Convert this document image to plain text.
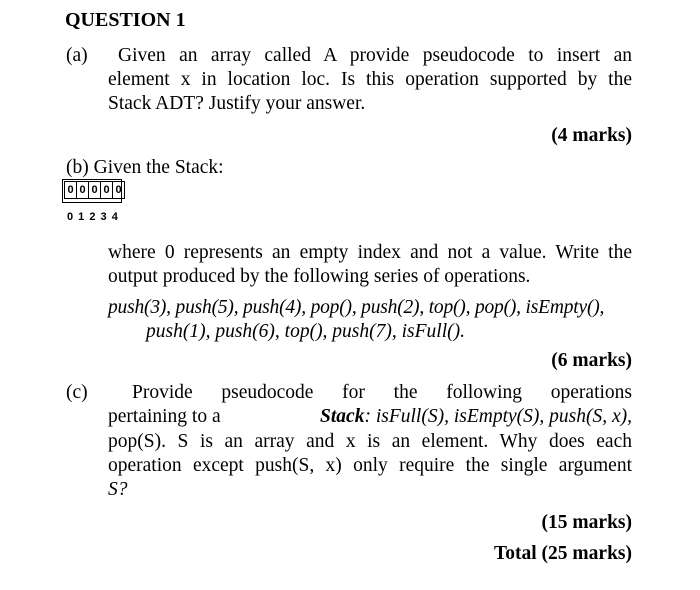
QUESTION 1
(a) Given an array called A provide pseudocode to insert an
element x in location loc. Is this operation supported by the
Stack ADT? Justify your answer.
(4 marks)
(b) Given the Stack:
0 0 0 0 0
0 1 2 3 4
where 0 represents an empty index and not a value. Write the
output produced by the following series of operations.
push(3), push(5), push(4), pop(), push(2), top(), pop(), isEmpty(),
push(1), push(6), top(), push(7), isFull().
(6 marks)
(c) Provide pseudocode for the following operations
pertaining to a	Stack: isFull(S), isEmpty(S), push(S, x),
pop(S). S is an array and x is an element. Why does each
operation except push(S, x) only require the single argument
S?
(15 marks)
Total (25 marks)
